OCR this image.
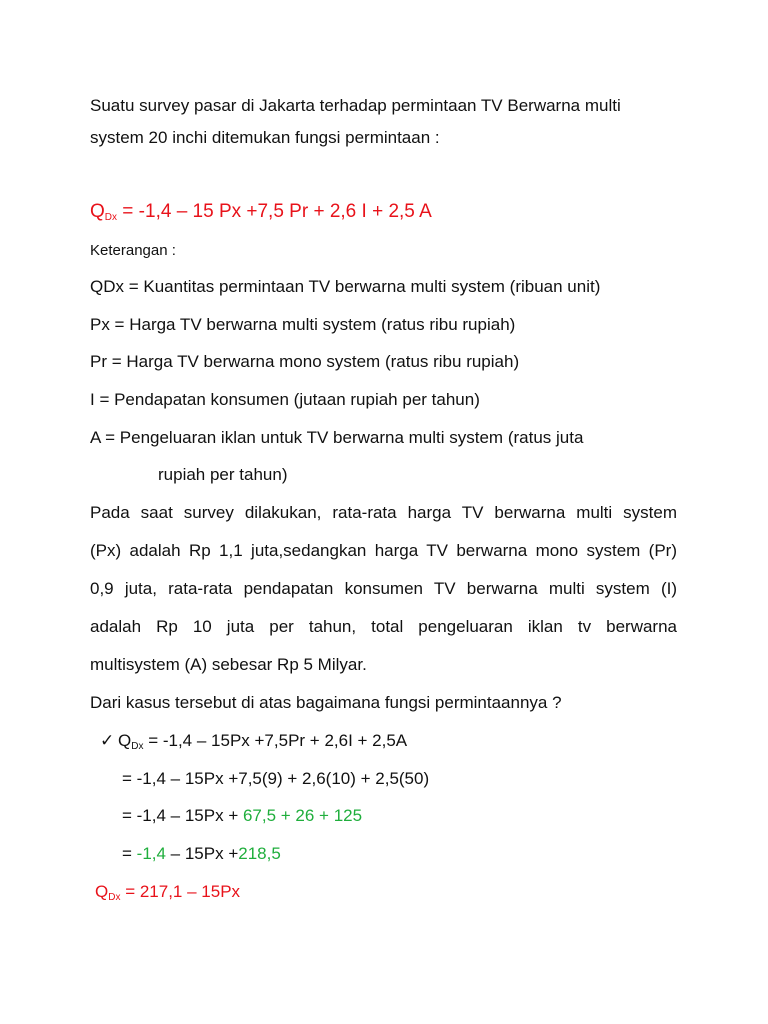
Suatu survey pasar di Jakarta terhadap permintaan TV Berwarna multi
system 20 inchi ditemukan fungsi permintaan :
$Q_{Dx} = -1,4 - 15$ Px +7,5 Pr + 2,6 I + 2,5 A
Keterangan :
QDx = Kuantitas permintaan TV berwarna multi system (ribuan unit)
Px = Harga TV berwarna multi system (ratus ribu rupiah)
Pr = Harga TV berwarna mono system (ratus ribu rupiah)
I = Pendapatan konsumen (jutaan rupiah per tahun)
A = Pengeluaran iklan untuk TV berwarna multi system (ratus juta
rupiah per tahun)
Pada saat survey dilakukan, rata-rata harga TV berwarna multi system
(Px) adalah Rp 1,1 juta,sedangkan harga TV berwarna mono system (Pr)
0,9 juta, rata-rata pendapatan konsumen TV berwarna multi system (I)
adalah Rp 10 juta per tahun, total pengeluaran iklan tv berwarna
multisystem (A) sebesar Rp 5 Milyar.
Dari kasus tersebut di atas bagaimana fungsi permintaannya ?
✓ $Q_{Dx} = -1,4 - 15Px +7,5Pr + 2,6I + 2,5A$
= -1,4 – 15Px +7,5(9) + 2,6(10) + 2,5(50)
= -1,4 – 15Px + 67,5 + 26 + 125
= -1,4 – 15Px +218,5
$Q_{Dx} = 217,1 - 15Px$
